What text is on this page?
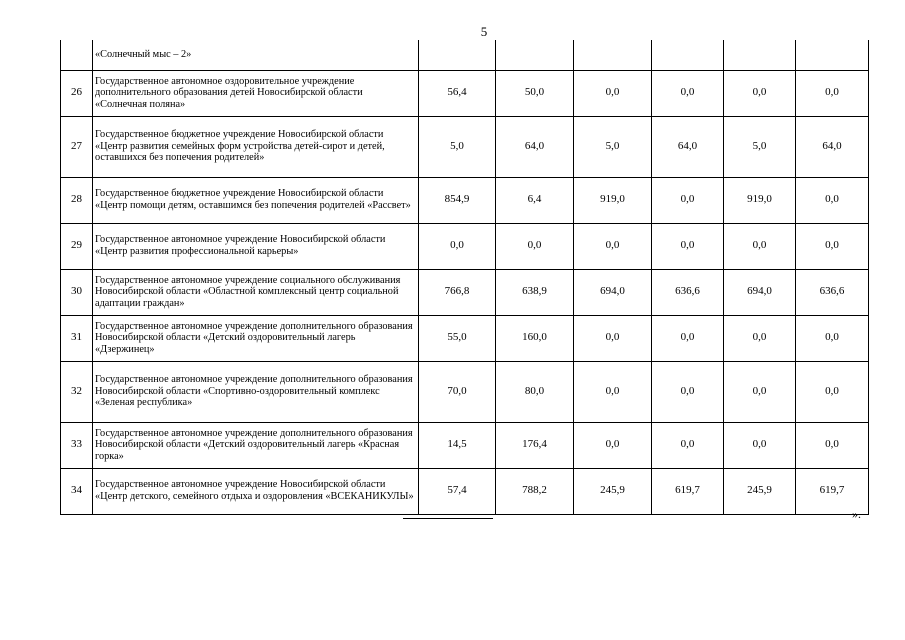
5
	«Солнечный мыс – 2»						
26	Государственное автономное оздоровительное учреждение дополнительного образования детей Новосибирской области «Солнечная поляна»	56,4	50,0	0,0	0,0	0,0	0,0
27	Государственное бюджетное учреждение Новосибирской области «Центр развития семейных форм устройства детей-сирот и детей, оставшихся без попечения родителей»	5,0	64,0	5,0	64,0	5,0	64,0
28	Государственное бюджетное учреждение Новосибирской области «Центр помощи детям, оставшимся без попечения родителей «Рассвет»	854,9	6,4	919,0	0,0	919,0	0,0
29	Государственное автономное учреждение Новосибирской области «Центр развития профессиональной карьеры»	0,0	0,0	0,0	0,0	0,0	0,0
30	Государственное автономное учреждение социального обслуживания Новосибирской области «Областной комплексный центр социальной адаптации граждан»	766,8	638,9	694,0	636,6	694,0	636,6
31	Государственное автономное учреждение дополнительного образования Новосибирской области «Детский оздоровительный лагерь «Дзержинец»	55,0	160,0	0,0	0,0	0,0	0,0
32	Государственное автономное учреждение дополнительного образования Новосибирской области «Спортивно-оздоровительный комплекс «Зеленая республика»	70,0	80,0	0,0	0,0	0,0	0,0
33	Государственное автономное учреждение дополнительного образования Новосибирской области «Детский оздоровительный лагерь «Красная горка»	14,5	176,4	0,0	0,0	0,0	0,0
34	Государственное автономное учреждение Новосибирской области «Центр детского, семейного отдыха и оздоровления «ВСЕКАНИКУЛЫ»	57,4	788,2	245,9	619,7	245,9	619,7
».
